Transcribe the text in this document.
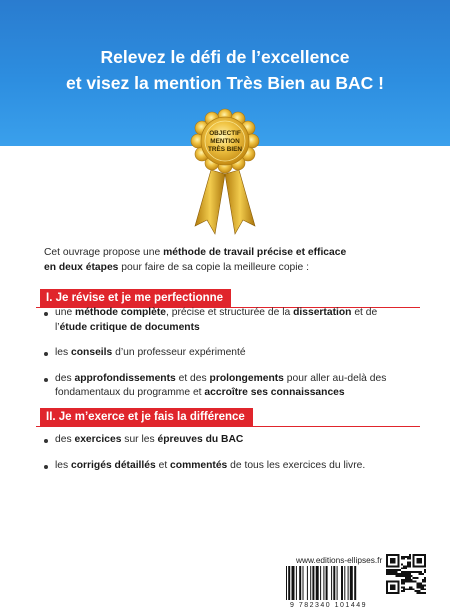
Relevez le défi de l’excellence
et visez la mention Très Bien au BAC !
OBJECTIF
MENTION
TRÈS BIEN

Cet ouvrage propose une méthode de travail précise et efficace

en deux étapes pour faire de sa copie la meilleure copie :

I. Je révise et je me perfectionne
une méthode complète, précise et structurée de la dissertation et de
l’étude critique de documents
les conseils d’un professeur expérimenté
des approfondissements et des prolongements pour aller au-delà des
fondamentaux du programme et accroître ses connaissances
II. Je m’exerce et je fais la différence
des exercices sur les épreuves du BAC
les corrigés détaillés et commentés de tous les exercices du livre.
www.editions-ellipses.fr
9 782340 101449
